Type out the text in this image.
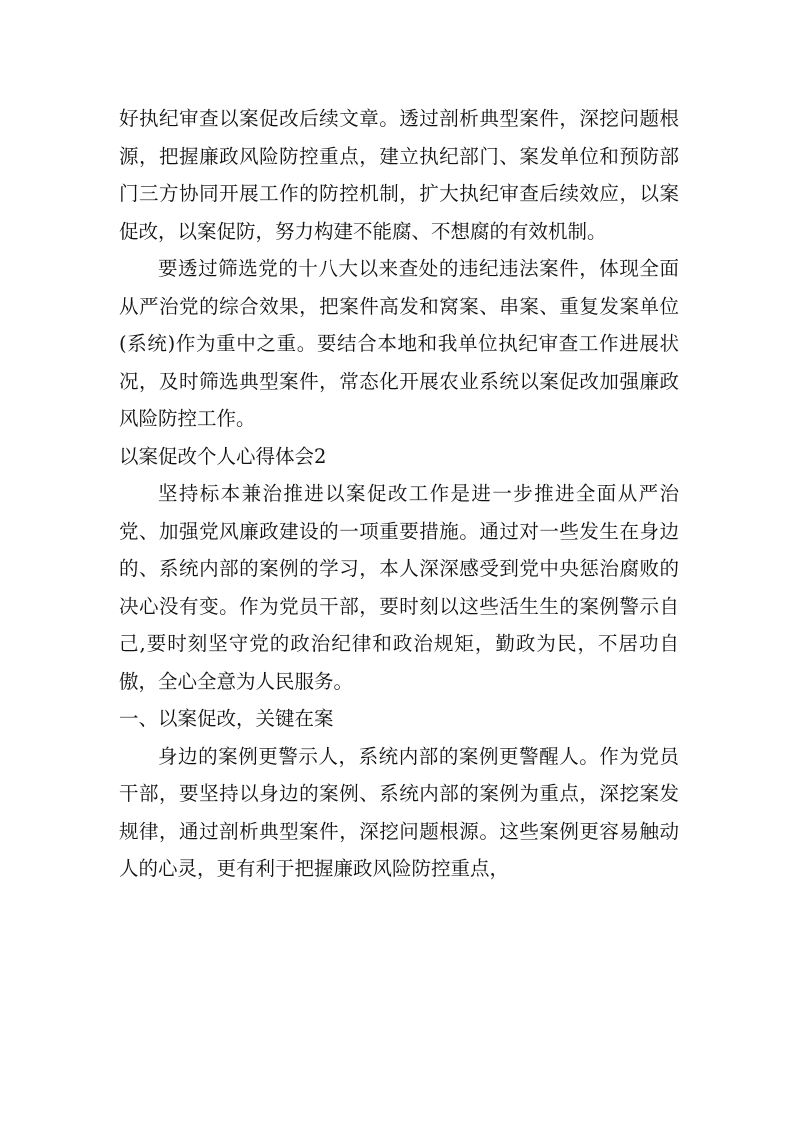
好执纪审查以案促改后续文章。透过剖析典型案件，深挖问题根源，把握廉政风险防控重点，建立执纪部门、案发单位和预防部门三方协同开展工作的防控机制，扩大执纪审查后续效应，以案促改，以案促防，努力构建不能腐、不想腐的有效机制。

要透过筛选党的十八大以来查处的违纪违法案件，体现全面从严治党的综合效果，把案件高发和窝案、串案、重复发案单位(系统)作为重中之重。要结合本地和我单位执纪审查工作进展状况，及时筛选典型案件，常态化开展农业系统以案促改加强廉政风险防控工作。

以案促改个人心得体会2

坚持标本兼治推进以案促改工作是进一步推进全面从严治党、加强党风廉政建设的一项重要措施。通过对一些发生在身边的、系统内部的案例的学习，本人深深感受到党中央惩治腐败的决心没有变。作为党员干部，要时刻以这些活生生的案例警示自己,要时刻坚守党的政治纪律和政治规矩，勤政为民，不居功自傲，全心全意为人民服务。

一、以案促改，关键在案

身边的案例更警示人，系统内部的案例更警醒人。作为党员干部，要坚持以身边的案例、系统内部的案例为重点，深挖案发规律，通过剖析典型案件，深挖问题根源。这些案例更容易触动人的心灵，更有利于把握廉政风险防控重点，
